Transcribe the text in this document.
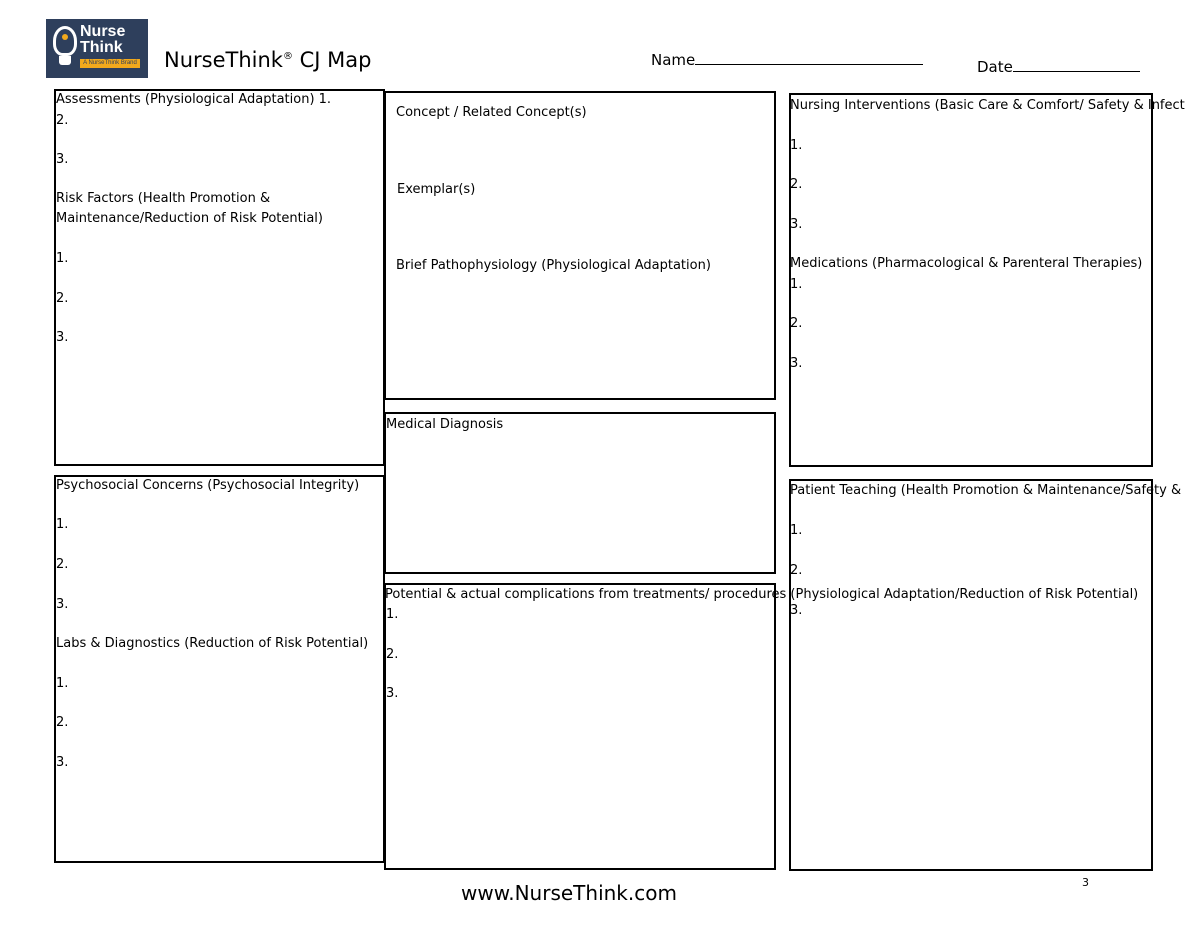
Nurse
Think
A NurseThink Brand NurseThink® CJ Map	Name	Date
Assessments (Physiological Adaptation) 1.
2.
3.
Risk Factors (Health Promotion &
Maintenance/Reduction of Risk Potential)
1.
2.
3.
Psychosocial Concerns (Psychosocial Integrity)
1.
2.
3.
Labs & Diagnostics (Reduction of Risk Potential)
1.
2.
3.
Concept / Related Concept(s)
Exemplar(s)
Brief Pathophysiology (Physiological Adaptation)
Medical Diagnosis
Potential & actual complications from treatments/ procedures (Physiological Adaptation/Reduction of Risk Potential)
1.
2.
3.
Nursing Interventions (Basic Care & Comfort/ Safety & Infect
1.
2.
3.
Medications (Pharmacological & Parenteral Therapies)
1.
2.
3.
Patient Teaching (Health Promotion & Maintenance/Safety &
1.
2.
3.
www.NurseThink.com	3
